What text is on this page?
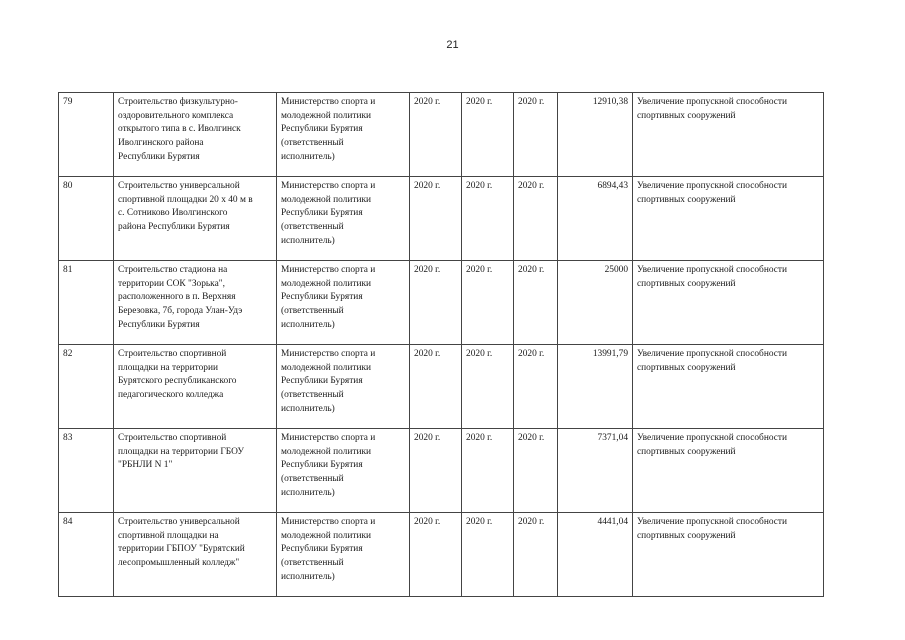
21
79	Строительство физкультурно-
оздоровительного комплекса
открытого типа в с. Иволгинск
Иволгинского района
Республики Бурятия	Министерство спорта и
молодежной политики
Республики Бурятия
(ответственный
исполнитель)	2020 г.	2020 г.	2020 г.	12910,38	Увеличение пропускной способности
спортивных сооружений

80	Строительство универсальной
спортивной площадки 20 х 40 м в
с. Сотниково Иволгинского
района Республики Бурятия	Министерство спорта и
молодежной политики
Республики Бурятия
(ответственный
исполнитель)	2020 г.	2020 г.	2020 г.	6894,43	Увеличение пропускной способности
спортивных сооружений

81	Строительство стадиона на
территории СОК "Зорька",
расположенного в п. Верхняя
Березовка, 7б, города Улан-Удэ
Республики Бурятия	Министерство спорта и
молодежной политики
Республики Бурятия
(ответственный
исполнитель)	2020 г.	2020 г.	2020 г.	25000	Увеличение пропускной способности
спортивных сооружений

82	Строительство спортивной
площадки на территории
Бурятского республиканского
педагогического колледжа	Министерство спорта и
молодежной политики
Республики Бурятия
(ответственный
исполнитель)	2020 г.	2020 г.	2020 г.	13991,79	Увеличение пропускной способности
спортивных сооружений

83	Строительство спортивной
площадки на территории ГБОУ
"РБНЛИ N 1"	Министерство спорта и
молодежной политики
Республики Бурятия
(ответственный
исполнитель)	2020 г.	2020 г.	2020 г.	7371,04	Увеличение пропускной способности
спортивных сооружений

84	Строительство универсальной
спортивной площадки на
территории ГБПОУ "Бурятский
лесопромышленный колледж"	Министерство спорта и
молодежной политики
Республики Бурятия
(ответственный
исполнитель)	2020 г.	2020 г.	2020 г.	4441,04	Увеличение пропускной способности
спортивных сооружений
